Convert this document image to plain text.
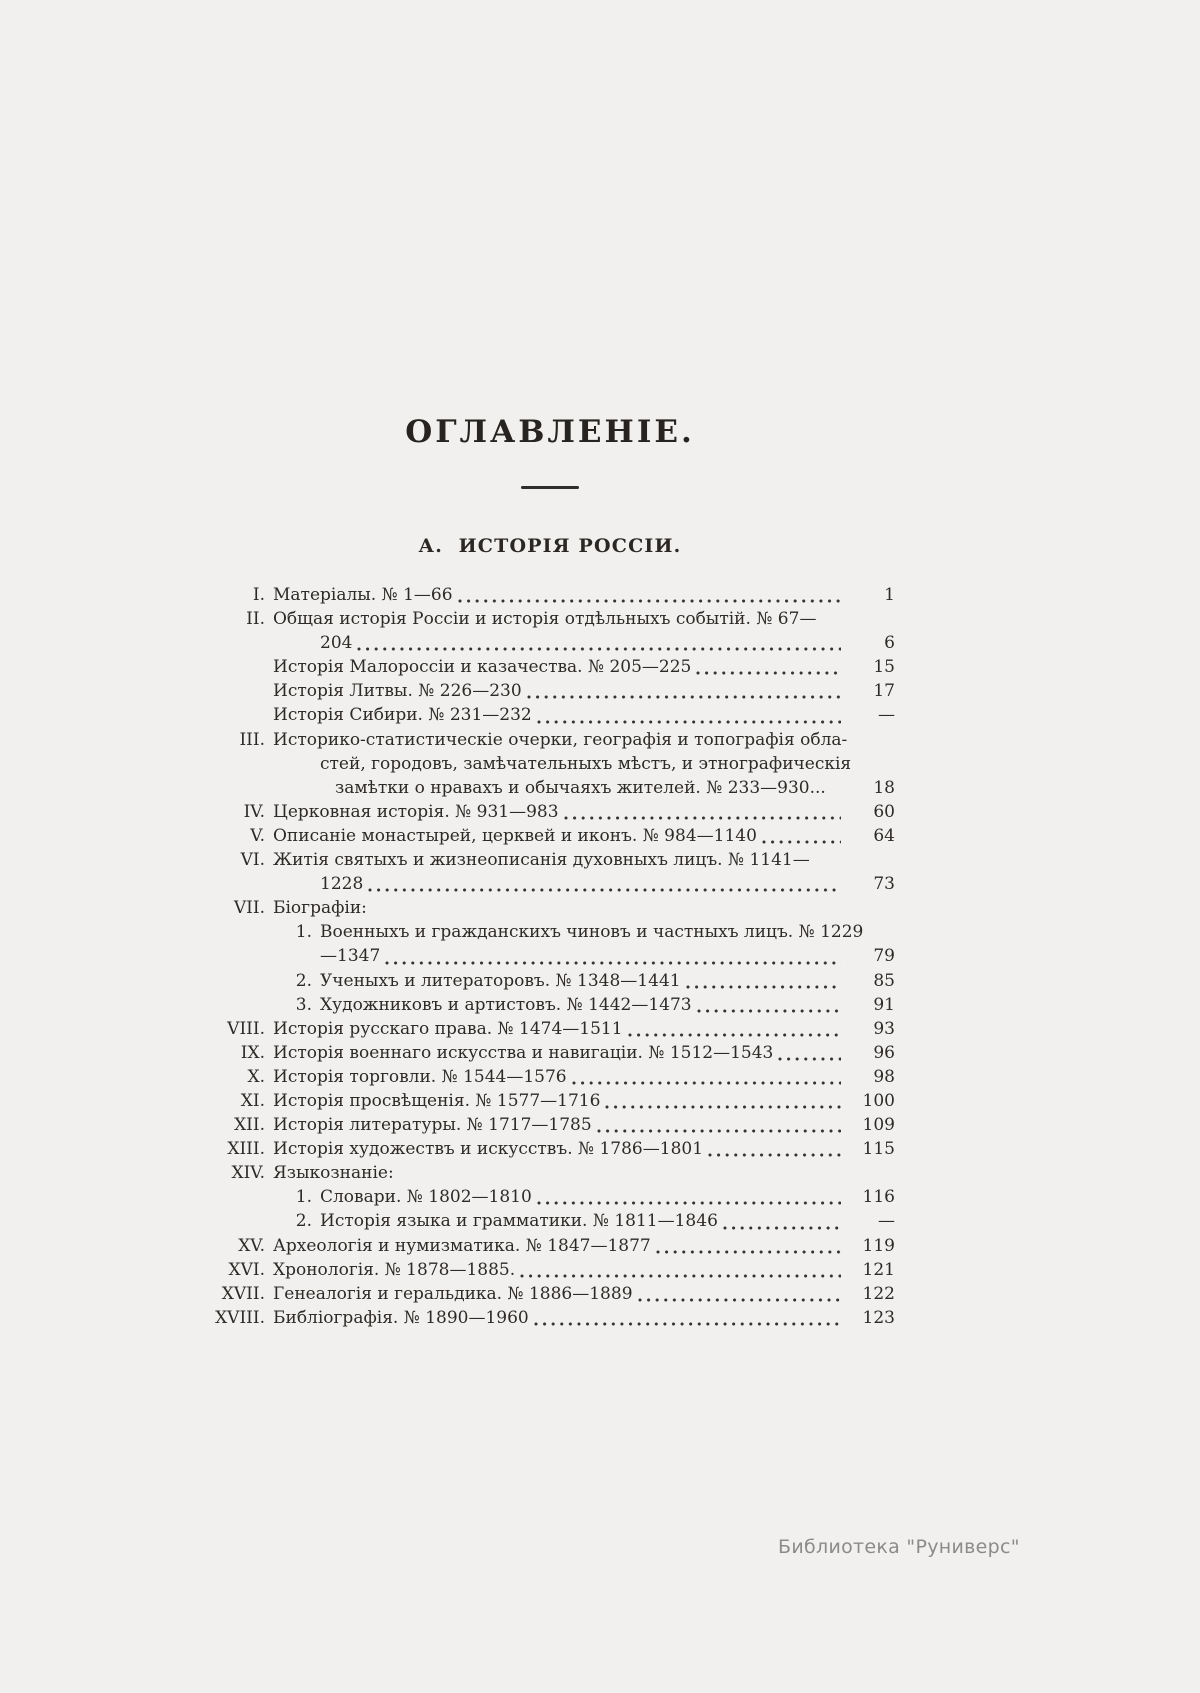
ОГЛАВЛЕНІЕ.
А.  ИСТОРІЯ РОССІИ.
I. Матеріалы. № 1—66	1
II. Общая исторія Россіи и исторія отдѣльныхъ событій. № 67—
204	6
Исторія Малороссіи и казачества. № 205—225	15
Исторія Литвы. № 226—230	17
Исторія Сибири. № 231—232	—
III. Историко-статистическіе очерки, географія и топографія обла-
стей, городовъ, замѣчательныхъ мѣстъ, и этнографическія
замѣтки о нравахъ и обычаяхъ жителей. № 233—930...	18
IV. Церковная исторія. № 931—983	60
V. Описаніе монастырей, церквей и иконъ. № 984—1140	64
VI. Житія святыхъ и жизнеописанія духовныхъ лицъ. № 1141—
1228	73
VII. Біографіи:
1. Военныхъ и гражданскихъ чиновъ и частныхъ лицъ. № 1229
—1347	79
2. Ученыхъ и литераторовъ. № 1348—1441	85
3. Художниковъ и артистовъ. № 1442—1473	91
VIII. Исторія русскаго права. № 1474—1511	93
IX. Исторія военнаго искусства и навигаціи. № 1512—1543	96
X. Исторія торговли. № 1544—1576	98
XI. Исторія просвѣщенія. № 1577—1716	100
XII. Исторія литературы. № 1717—1785	109
XIII. Исторія художествъ и искусствъ. № 1786—1801	115
XIV. Языкознаніе:
1. Словари. № 1802—1810	116
2. Исторія языка и грамматики. № 1811—1846	—
XV. Археологія и нумизматика. № 1847—1877	119
XVI. Хронологія. № 1878—1885.	121
XVII. Генеалогія и геральдика. № 1886—1889	122
XVIII. Библіографія. № 1890—1960	123
Библиотека "Руниверс"
